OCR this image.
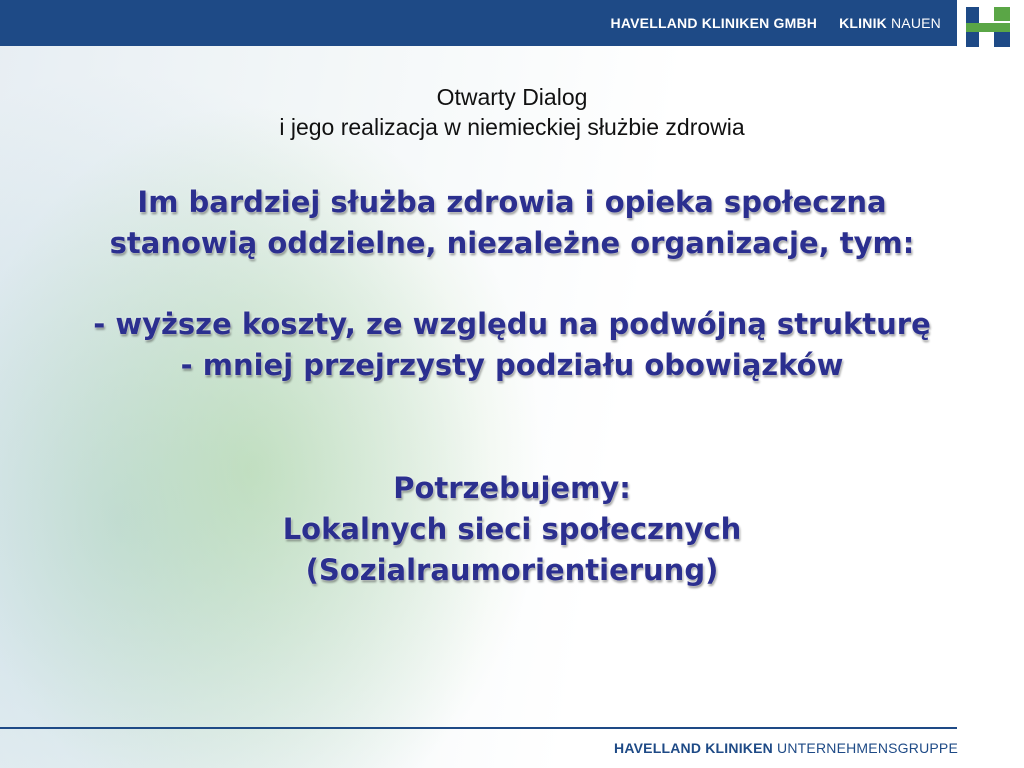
HAVELLAND KLINIKEN GMBH KLINIK NAUEN
Otwarty Dialog
i jego realizacja w niemieckiej służbie zdrowia
Im bardziej służba zdrowia i opieka społeczna
stanowią oddzielne, niezależne organizacje, tym:
- wyższe koszty, ze względu na podwójną strukturę
- mniej przejrzysty podziału obowiązków
Potrzebujemy:
Lokalnych sieci społecznych
(Sozialraumorientierung)
HAVELLAND KLINIKEN UNTERNEHMENSGRUPPE
